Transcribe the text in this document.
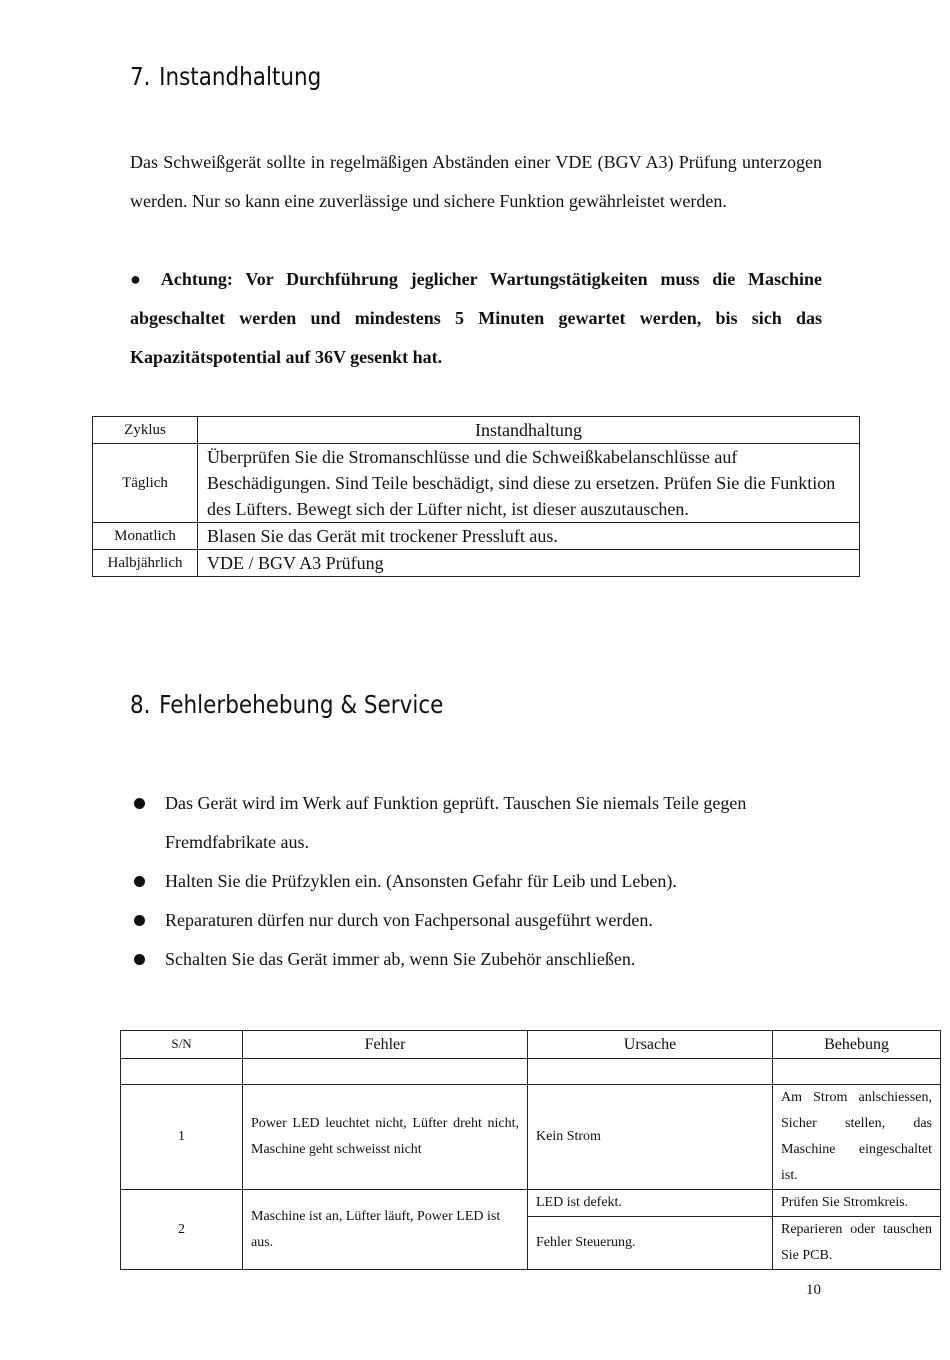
7. Instandhaltung

Das Schweißgerät sollte in regelmäßigen Abständen einer VDE (BGV A3) Prüfung unterzogen werden. Nur so kann eine zuverlässige und sichere Funktion gewährleistet werden.

● Achtung: Vor Durchführung jeglicher Wartungstätigkeiten muss die Maschine abgeschaltet werden und mindestens 5 Minuten gewartet werden, bis sich das Kapazitätspotential auf 36V gesenkt hat.

Zyklus	Instandhaltung
Täglich	Überprüfen Sie die Stromanschlüsse und die Schweißkabelanschlüsse auf Beschädigungen. Sind Teile beschädigt, sind diese zu ersetzen. Prüfen Sie die Funktion des Lüfters. Bewegt sich der Lüfter nicht, ist dieser auszutauschen.
Monatlich	Blasen Sie das Gerät mit trockener Pressluft aus.
Halbjährlich	VDE / BGV A3 Prüfung
8. Fehlerbehebung & Service
Das Gerät wird im Werk auf Funktion geprüft. Tauschen Sie niemals Teile gegen Fremdfabrikate aus.
Halten Sie die Prüfzyklen ein. (Ansonsten Gefahr für Leib und Leben).
Reparaturen dürfen nur durch von Fachpersonal ausgeführt werden.
Schalten Sie das Gerät immer ab, wenn Sie Zubehör anschließen.
S/N	Fehler	Ursache	Behebung

1	Power LED leuchtet nicht, Lüfter dreht nicht, Maschine geht schweisst nicht	Kein Strom	Am Strom anlschiessen, Sicher stellen, das Maschine eingeschaltet ist.
2	Maschine ist an, Lüfter läuft, Power LED ist aus.	LED ist defekt.	Prüfen Sie Stromkreis.
		Fehler Steuerung.	Reparieren oder tauschen Sie PCB.
10
